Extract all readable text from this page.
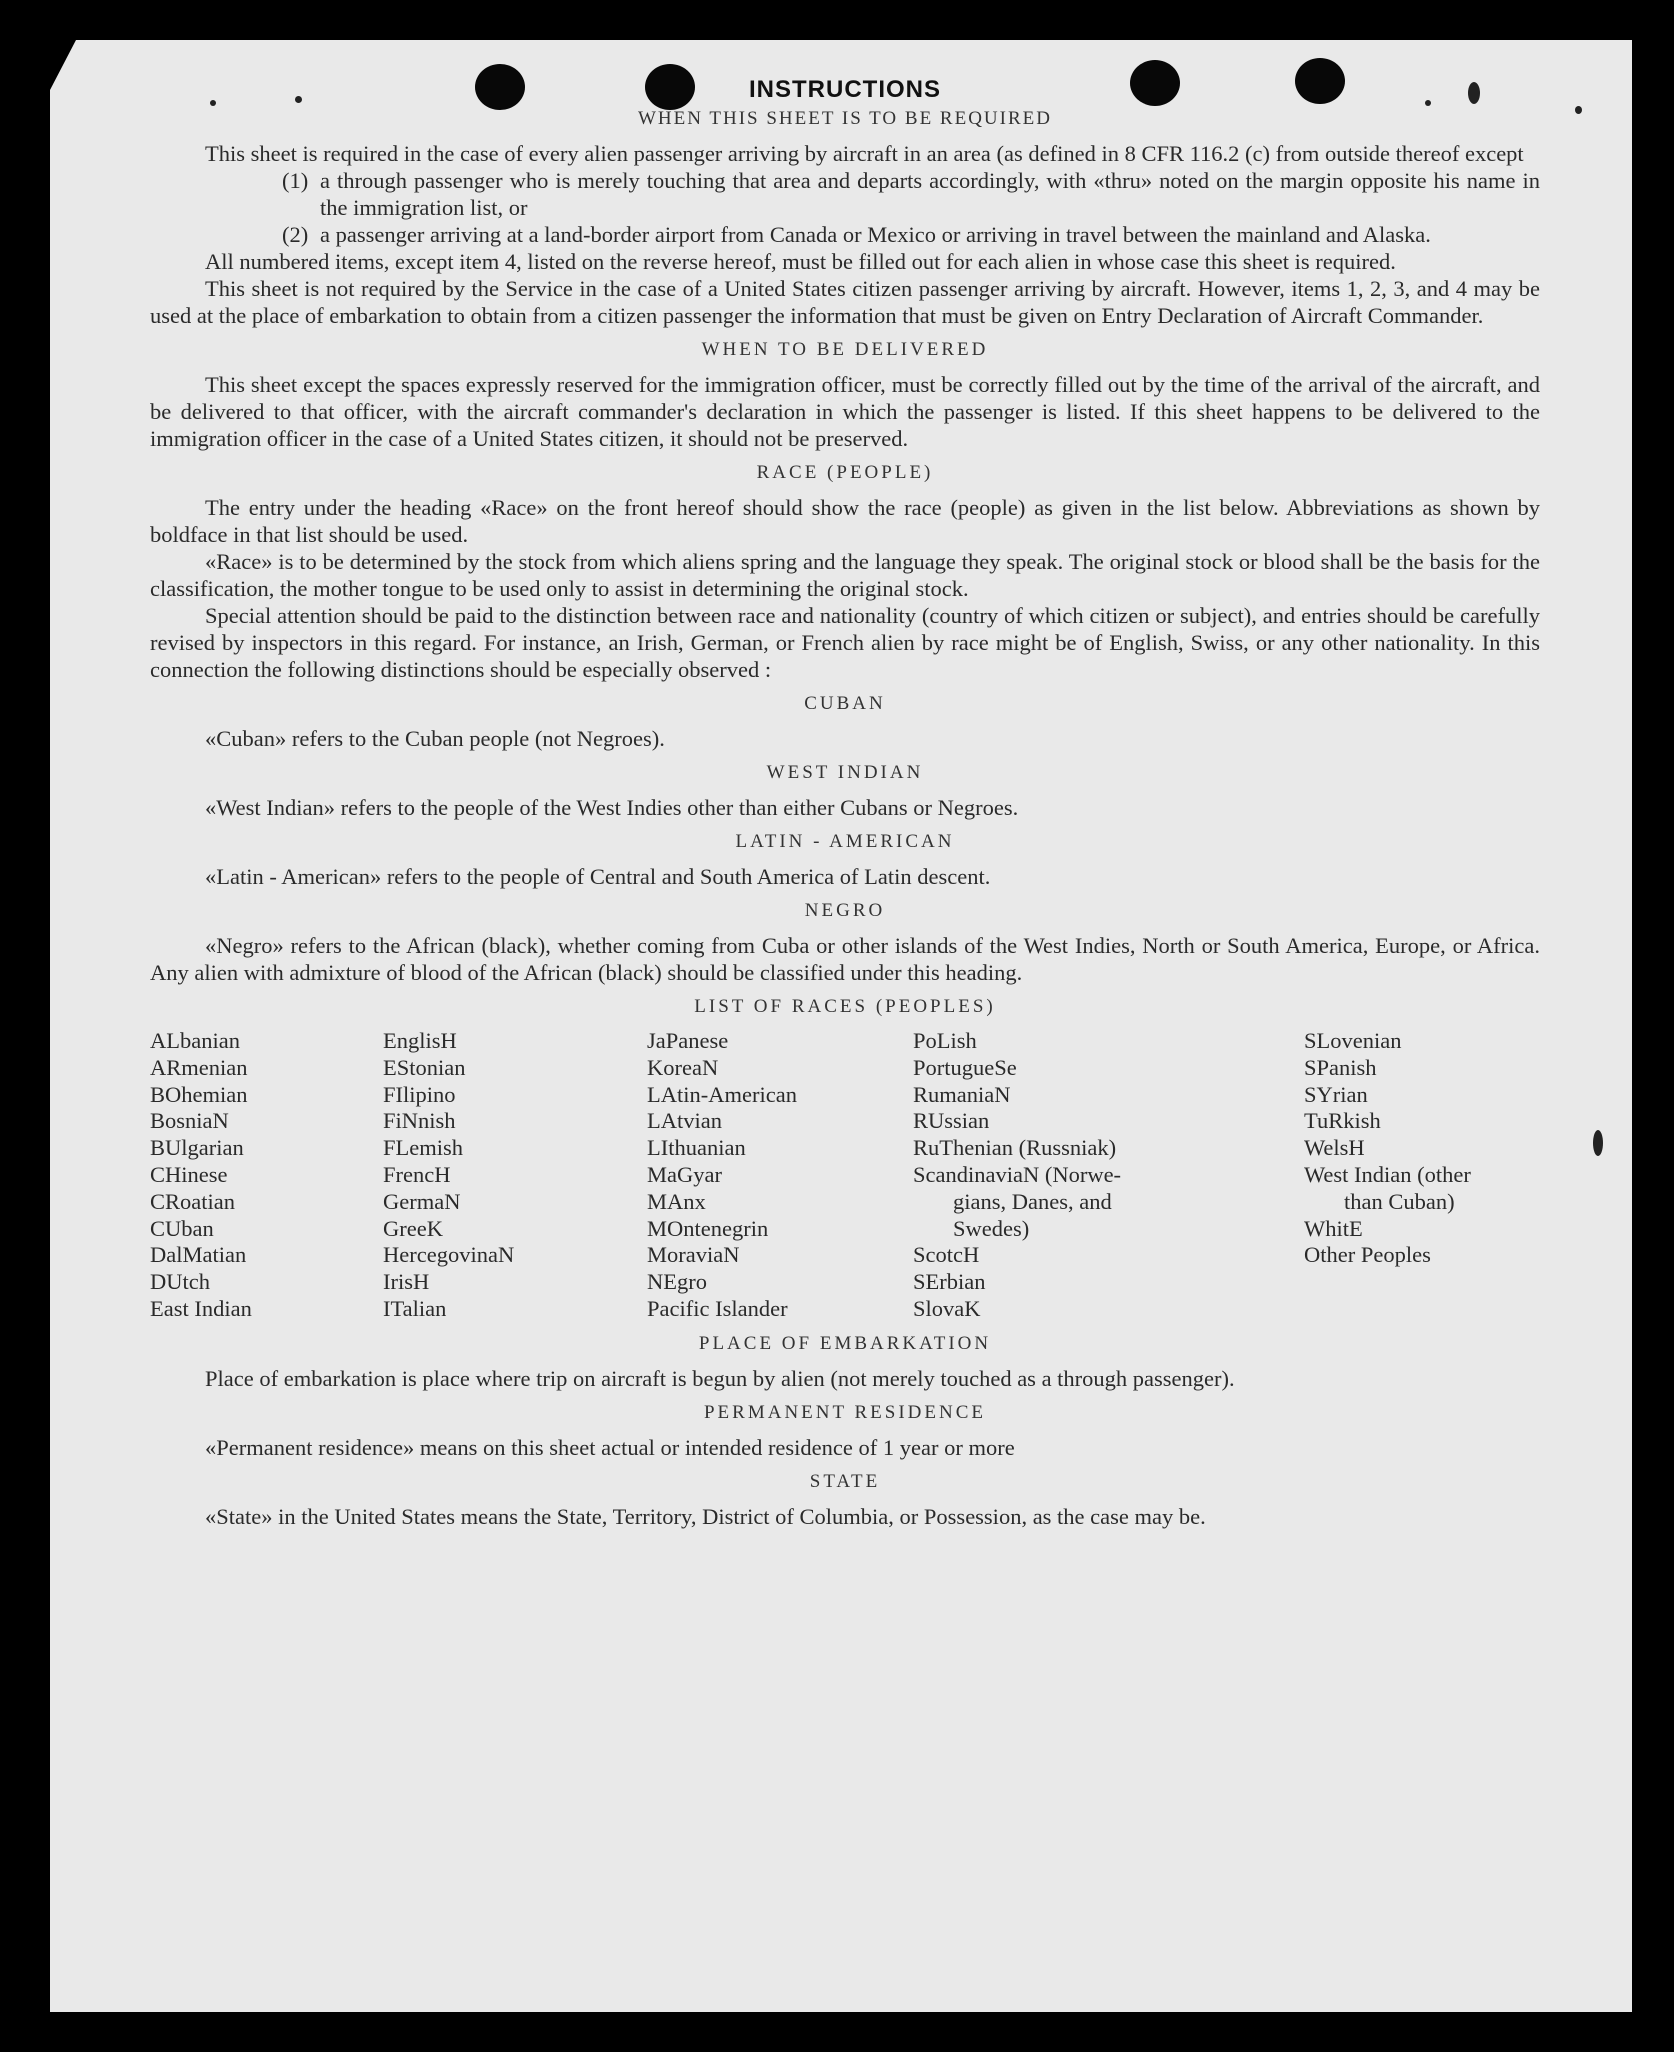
INSTRUCTIONS
WHEN THIS SHEET IS TO BE REQUIRED

This sheet is required in the case of every alien passenger arriving by aircraft in an area (as defined in 8 CFR 116.2 (c) from outside thereof except

(1) a through passenger who is merely touching that area and departs accordingly, with «thru» noted on the margin opposite his name in the immigration list, or
(2) a passenger arriving at a land-border airport from Canada or Mexico or arriving in travel between the mainland and Alaska.

All numbered items, except item 4, listed on the reverse hereof, must be filled out for each alien in whose case this sheet is required.

This sheet is not required by the Service in the case of a United States citizen passenger arriving by aircraft. However, items 1, 2, 3, and 4 may be used at the place of embarkation to obtain from a citizen passenger the information that must be given on Entry Declaration of Aircraft Commander.

WHEN TO BE DELIVERED

This sheet except the spaces expressly reserved for the immigration officer, must be correctly filled out by the time of the arrival of the aircraft, and be delivered to that officer, with the aircraft commander's declaration in which the passenger is listed. If this sheet happens to be delivered to the immigration officer in the case of a United States citizen, it should not be preserved.

RACE (PEOPLE)

The entry under the heading «Race» on the front hereof should show the race (people) as given in the list below. Abbreviations as shown by boldface in that list should be used.

«Race» is to be determined by the stock from which aliens spring and the language they speak. The original stock or blood shall be the basis for the classification, the mother tongue to be used only to assist in determining the original stock.

Special attention should be paid to the distinction between race and nationality (country of which citizen or subject), and entries should be carefully revised by inspectors in this regard. For instance, an Irish, German, or French alien by race might be of English, Swiss, or any other nationality. In this connection the following distinctions should be especially observed :

CUBAN

«Cuban» refers to the Cuban people (not Negroes).

WEST INDIAN

«West Indian» refers to the people of the West Indies other than either Cubans or Negroes.

LATIN - AMERICAN

«Latin - American» refers to the people of Central and South America of Latin descent.

NEGRO

«Negro» refers to the African (black), whether coming from Cuba or other islands of the West Indies, North or South America, Europe, or Africa. Any alien with admixture of blood of the African (black) should be classified under this heading.

LIST OF RACES (PEOPLES)
ALbanian
ARmenian
BOhemian
BosniaN
BUlgarian
CHinese
CRoatian
CUban
DalMatian
DUtch
East Indian
EnglisH
EStonian
FIlipino
FiNnish
FLemish
FrencH
GermaN
GreeK
HercegovinaN
IrisH
ITalian
JaPanese
KoreaN
LAtin-American
LAtvian
LIthuanian
MaGyar
MAnx
MOntenegrin
MoraviaN
NEgro
Pacific Islander
PoLish
PortugueSe
RumaniaN
RUssian
RuThenian (Russniak)
ScandinaviaN (Norwe-
gians, Danes, and
Swedes)
ScotcH
SErbian
SlovaK
SLovenian
SPanish
SYrian
TuRkish
WelsH
West Indian (other
than Cuban)
WhitE
Other Peoples
PLACE OF EMBARKATION

Place of embarkation is place where trip on aircraft is begun by alien (not merely touched as a through passenger).

PERMANENT RESIDENCE

«Permanent residence» means on this sheet actual or intended residence of 1 year or more

STATE

«State» in the United States means the State, Territory, District of Columbia, or Possession, as the case may be.
